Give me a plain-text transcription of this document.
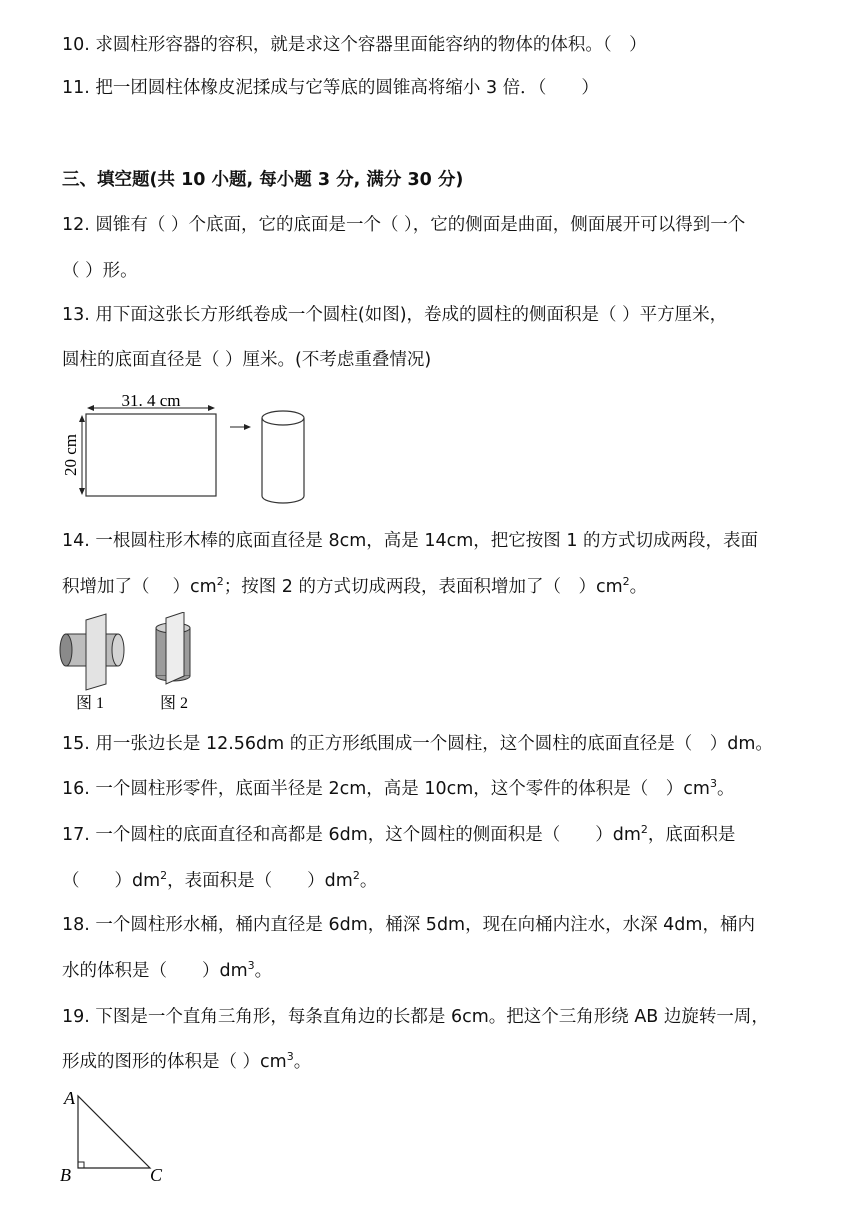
10. 求圆柱形容器的容积，就是求这个容器里面能容纳的物体的体积。（　）
11. 把一团圆柱体橡皮泥揉成与它等底的圆锥高将缩小 3 倍．（　　）
三、填空题(共 10 小题, 每小题 3 分, 满分 30 分)
12. 圆锥有（ ）个底面，它的底面是一个（ ），它的侧面是曲面，侧面展开可以得到一个
（ ）形。
13. 用下面这张长方形纸卷成一个圆柱(如图)，卷成的圆柱的侧面积是（ ）平方厘米，
圆柱的底面直径是（ ）厘米。(不考虑重叠情况)
31. 4 cm
20 cm
14. 一根圆柱形木棒的底面直径是 8cm，高是 14cm，把它按图 1 的方式切成两段，表面
积增加了（　 ）$cm^2$；按图 2 的方式切成两段，表面积增加了（　）$cm^2$。
图 1	图 2
15. 用一张边长是 12.56dm 的正方形纸围成一个圆柱，这个圆柱的底面直径是（　）dm。
16. 一个圆柱形零件，底面半径是 2cm，高是 10cm，这个零件的体积是（　）$cm^3$。
17. 一个圆柱的底面直径和高都是 6dm，这个圆柱的侧面积是（　　）$dm^2$，底面积是
（　　）$dm^2$，表面积是（　　）$dm^2$。
18. 一个圆柱形水桶，桶内直径是 6dm，桶深 5dm，现在向桶内注水，水深 4dm，桶内
水的体积是（　　）$dm^3$。
19. 下图是一个直角三角形，每条直角边的长都是 6cm。把这个三角形绕 AB 边旋转一周，
形成的图形的体积是（ ）$cm^3$。
A
B	C
